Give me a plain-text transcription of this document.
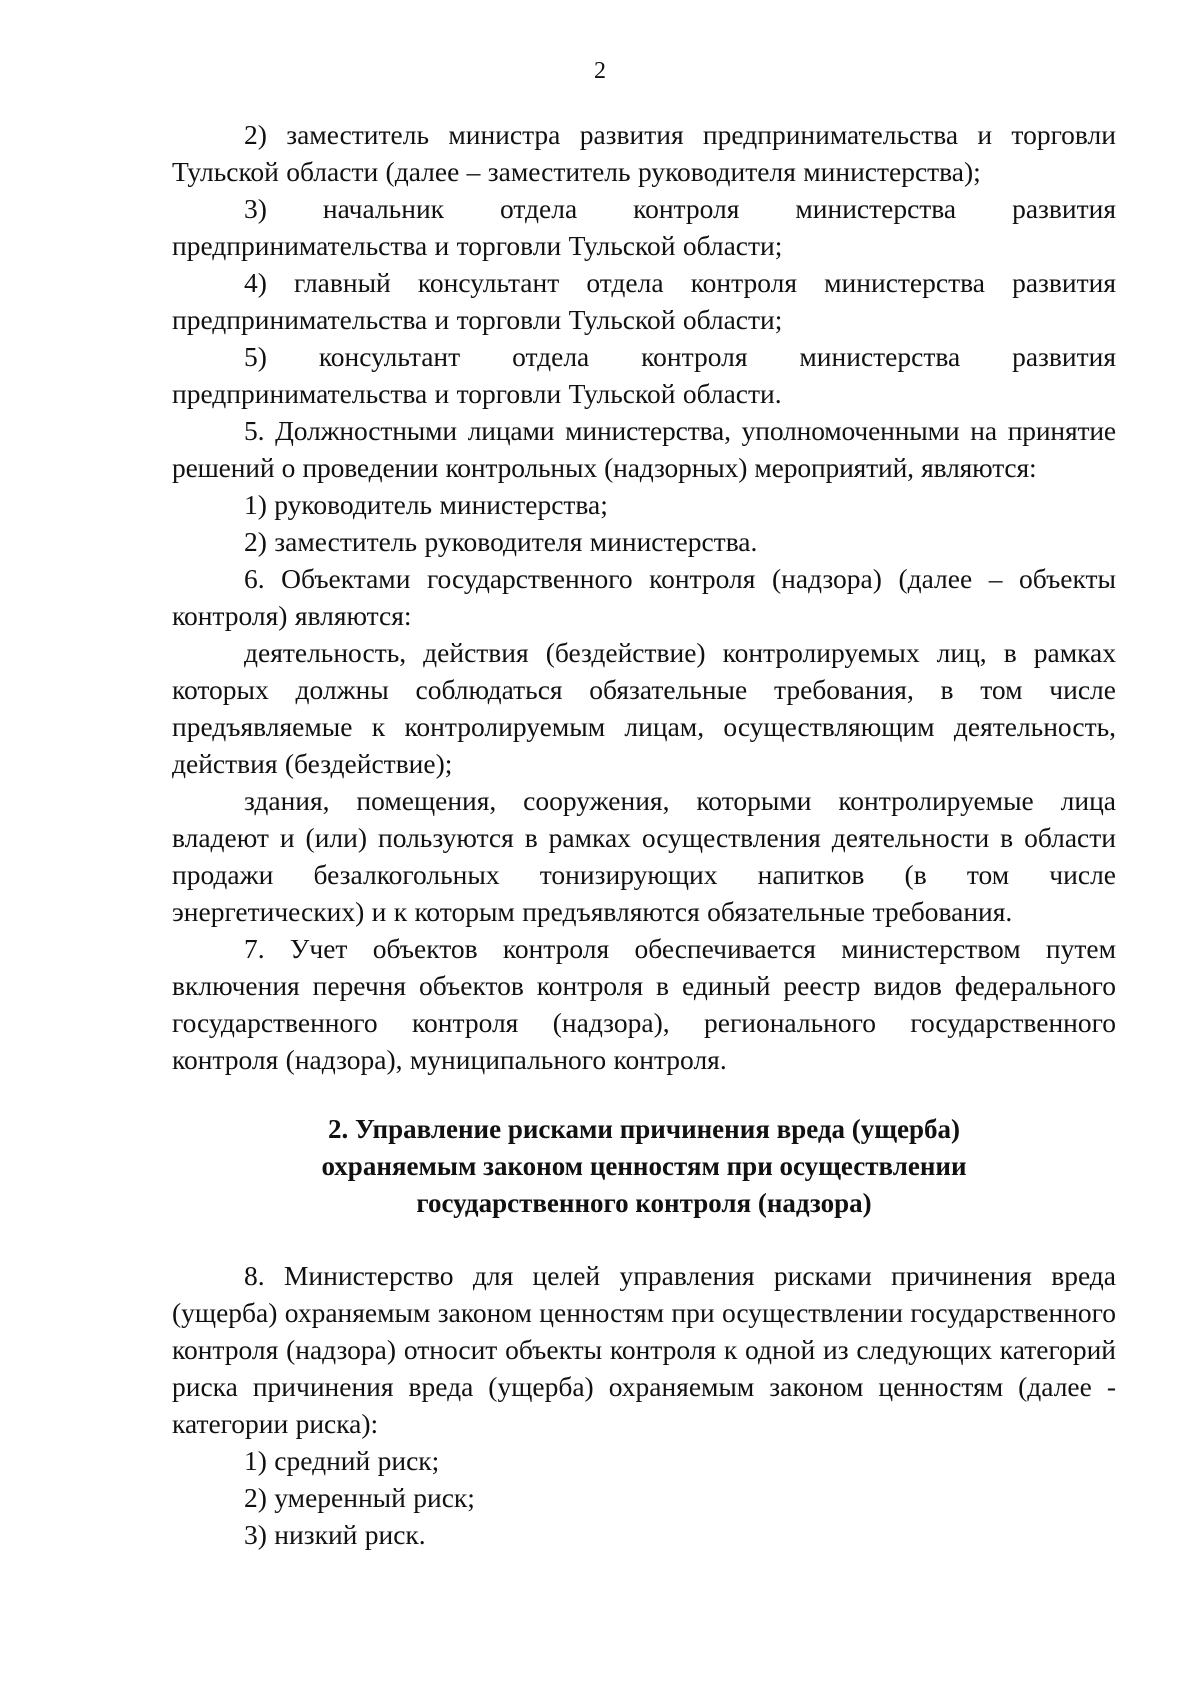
2

2) заместитель министра развития предпринимательства и торговли Тульской области (далее – заместитель руководителя министерства);

3) начальник отдела контроля министерства развития предпринимательства и торговли Тульской области;

4) главный консультант отдела контроля министерства развития предпринимательства и торговли Тульской области;

5) консультант отдела контроля министерства развития предпринимательства и торговли Тульской области.

5. Должностными лицами министерства, уполномоченными на принятие решений о проведении контрольных (надзорных) мероприятий, являются:

1) руководитель министерства;

2) заместитель руководителя министерства.

6. Объектами государственного контроля (надзора) (далее – объекты контроля) являются:

деятельность, действия (бездействие) контролируемых лиц, в рамках которых должны соблюдаться обязательные требования, в том числе предъявляемые к контролируемым лицам, осуществляющим деятельность, действия (бездействие);

здания, помещения, сооружения, которыми контролируемые лица владеют и (или) пользуются в рамках осуществления деятельности в области продажи безалкогольных тонизирующих напитков (в том числе энергетических) и к которым предъявляются обязательные требования.

7. Учет объектов контроля обеспечивается министерством путем включения перечня объектов контроля в единый реестр видов федерального государственного контроля (надзора), регионального государственного контроля (надзора), муниципального контроля.

2. Управление рисками причинения вреда (ущерба)
охраняемым законом ценностям при осуществлении
государственного контроля (надзора)

8. Министерство для целей управления рисками причинения вреда (ущерба) охраняемым законом ценностям при осуществлении государственного контроля (надзора) относит объекты контроля к одной из следующих категорий риска причинения вреда (ущерба) охраняемым законом ценностям (далее - категории риска):

1) средний риск;

2) умеренный риск;

3) низкий риск.
